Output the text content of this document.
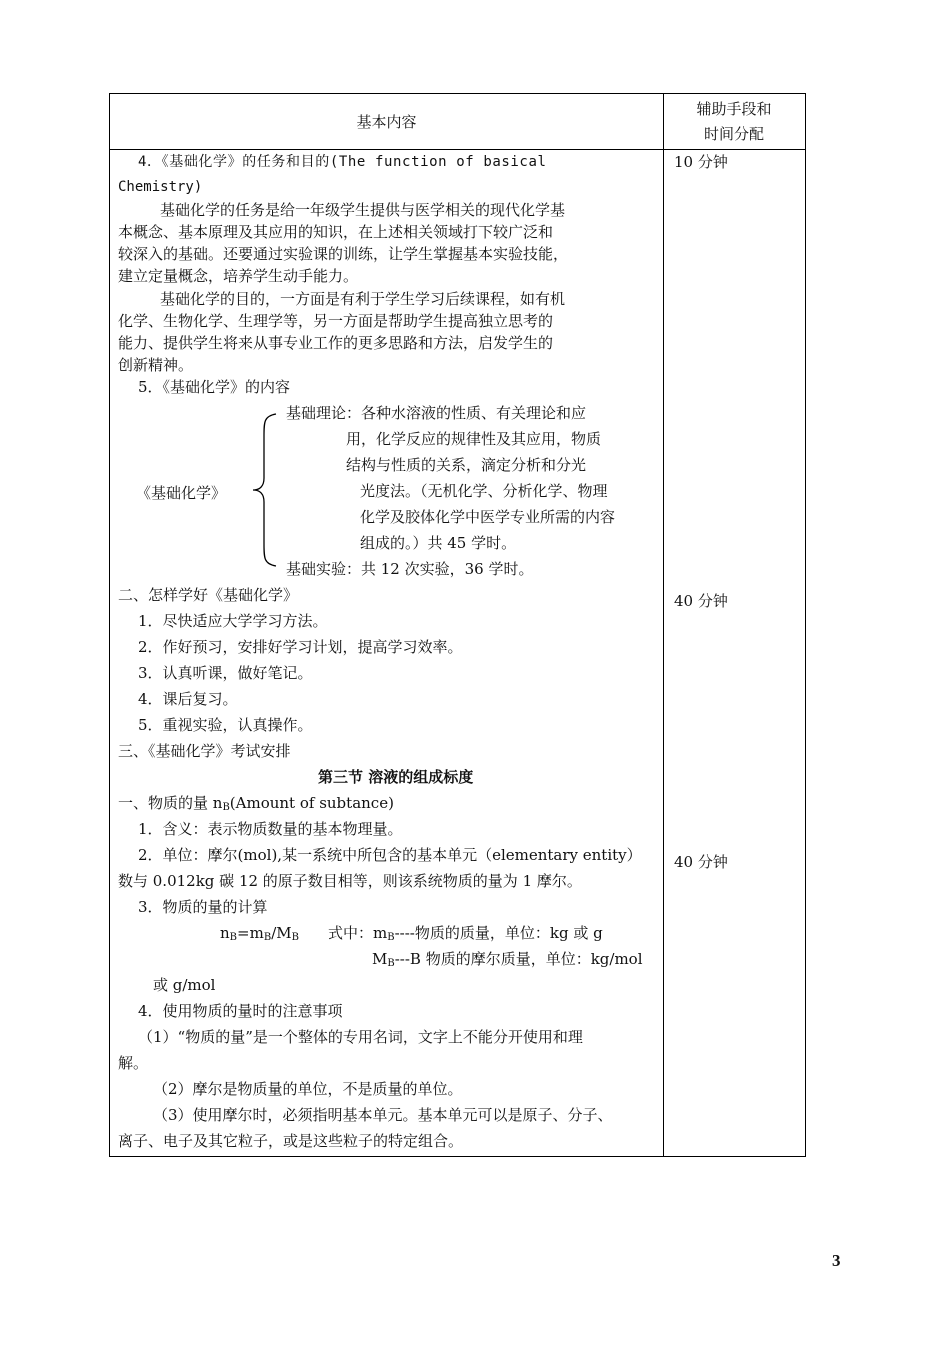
基本内容
辅助手段和
时间分配
10 分钟
40 分钟
40 分钟
4．《基础化学》的任务和目的(The function of basical
Chemistry)
基础化学的任务是给一年级学生提供与医学相关的现代化学基
本概念、基本原理及其应用的知识，在上述相关领域打下较广泛和
较深入的基础。还要通过实验课的训练，让学生掌握基本实验技能，
建立定量概念，培养学生动手能力。
基础化学的目的，一方面是有利于学生学习后续课程，如有机
化学、生物化学、生理学等，另一方面是帮助学生提高独立思考的
能力、提供学生将来从事专业工作的更多思路和方法，启发学生的
创新精神。
5．《基础化学》的内容
《基础化学》
基础理论：各种水溶液的性质、有关理论和应
用，化学反应的规律性及其应用，物质
结构与性质的关系，滴定分析和分光
光度法。（无机化学、分析化学、物理
化学及胶体化学中医学专业所需的内容
组成的。）共 45 学时。
基础实验：共 12 次实验，36 学时。
二、怎样学好《基础化学》
1．尽快适应大学学习方法。
2．作好预习，安排好学习计划，提高学习效率。
3．认真听课，做好笔记。
4．课后复习。
5．重视实验，认真操作。
三、《基础化学》考试安排
第三节 溶液的组成标度
一、物质的量 $n_B(Amount$ of subtance)
1．含义：表示物质数量的基本物理量。
2．单位：摩尔(mol),某一系统中所包含的基本单元（elementary entity）
数与 0.012kg 碳 12 的原子数目相等，则该系统物质的量为 1 摩尔。
3．物质的量的计算
$n_B=m_B/M_B$ 式中：$m_B----$物质的质量，单位：kg 或 g
$M_B---B$ 物质的摩尔质量，单位：kg/mol
或 g/mol
4．使用物质的量时的注意事项
（1）“物质的量”是一个整体的专用名词，文字上不能分开使用和理
解。
（2）摩尔是物质量的单位，不是质量的单位。
（3）使用摩尔时，必须指明基本单元。基本单元可以是原子、分子、
离子、电子及其它粒子，或是这些粒子的特定组合。
3
